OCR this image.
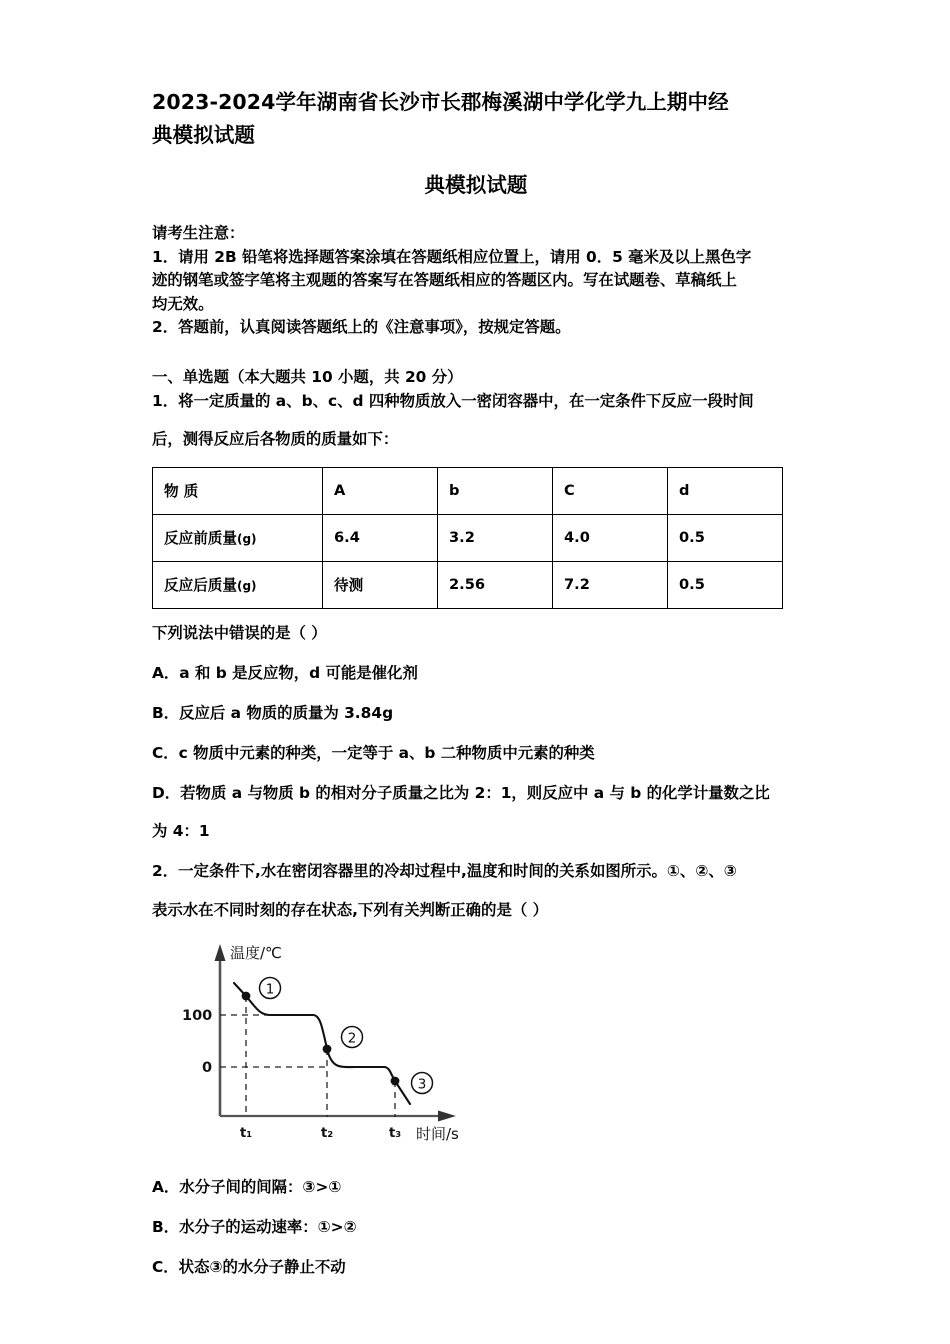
2023-2024学年湖南省长沙市长郡梅溪湖中学化学九上期中经
典模拟试题
典模拟试题

请考生注意：

1．请用 2B 铅笔将选择题答案涂填在答题纸相应位置上，请用 0．5 毫米及以上黑色字

迹的钢笔或签字笔将主观题的答案写在答题纸相应的答题区内。写在试题卷、草稿纸上

均无效。

2．答题前，认真阅读答题纸上的《注意事项》，按规定答题。

一、单选题（本大题共 10 小题，共 20 分）
1．将一定质量的 a、b、c、d 四种物质放入一密闭容器中，在一定条件下反应一段时间
后，测得反应后各物质的质量如下：
物 质	A	b	C	d
反应前质量(g)	6.4	3.2	4.0	0.5
反应后质量(g)	待测	2.56	7.2	0.5
下列说法中错误的是（ ）
A．a 和 b 是反应物，d 可能是催化剂
B．反应后 a 物质的质量为 3.84g
C．c 物质中元素的种类，一定等于 a、b 二种物质中元素的种类
D．若物质 a 与物质 b 的相对分子质量之比为 2：1，则反应中 a 与 b 的化学计量数之比
为 4：1
2．一定条件下,水在密闭容器里的冷却过程中,温度和时间的关系如图所示。①、②、③
表示水在不同时刻的存在状态,下列有关判断正确的是（ ）
温度/℃
100
0
1
2
3
t₁	t₂	t₃ 时间/s
A．水分子间的间隔：③>①
B．水分子的运动速率：①>②
C．状态③的水分子静止不动
